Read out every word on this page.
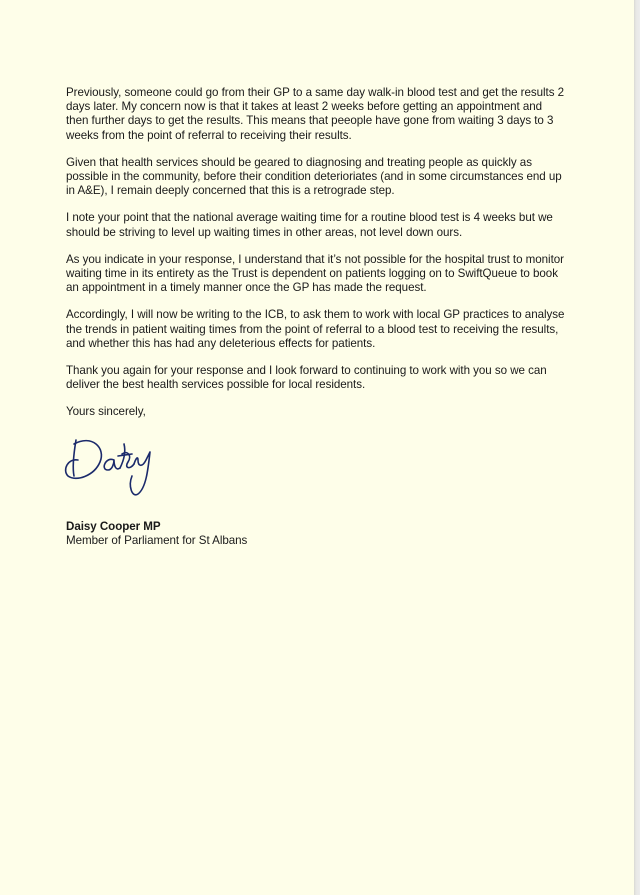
Previously, someone could go from their GP to a same day walk-in blood test and get the results 2 days later. My concern now is that it takes at least 2 weeks before getting an appointment and then further days to get the results. This means that peeople have gone from waiting 3 days to 3 weeks from the point of referral to receiving their results.

Given that health services should be geared to diagnosing and treating people as quickly as possible in the community, before their condition deterioriates (and in some circumstances end up in A&E), I remain deeply concerned that this is a retrograde step.

I note your point that the national average waiting time for a routine blood test is 4 weeks but we should be striving to level up waiting times in other areas, not level down ours.

As you indicate in your response, I understand that it’s not possible for the hospital trust to monitor waiting time in its entirety as the Trust is dependent on patients logging on to SwiftQueue to book an appointment in a timely manner once the GP has made the request.

Accordingly, I will now be writing to the ICB, to ask them to work with local GP practices to analyse the trends in patient waiting times from the point of referral to a blood test to receiving the results, and whether this has had any deleterious effects for patients.

Thank you again for your response and I look forward to continuing to work with you so we can deliver the best health services possible for local residents.

Yours sincerely,

Daisy Cooper MP
Member of Parliament for St Albans
